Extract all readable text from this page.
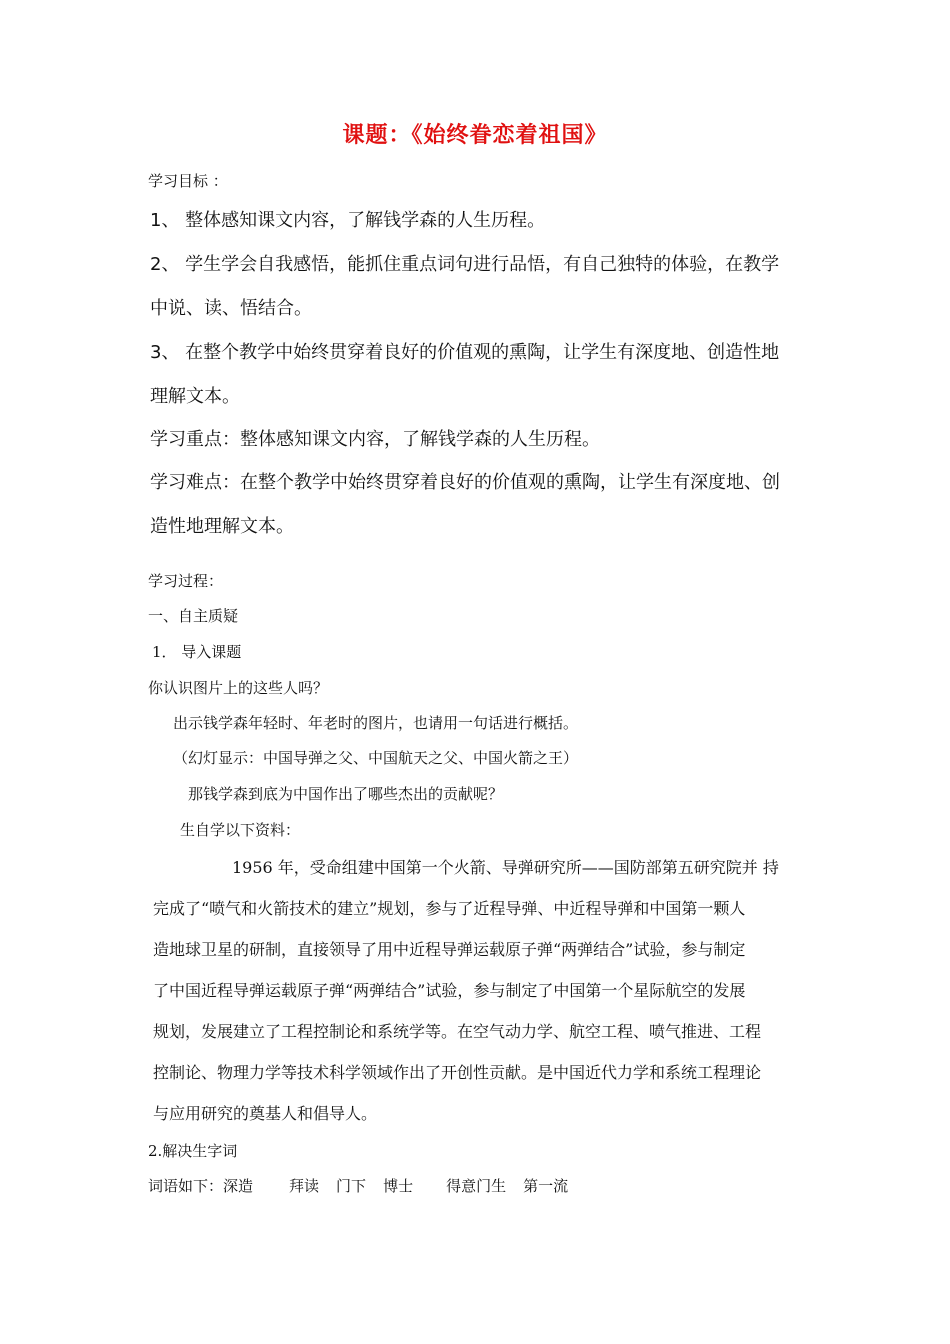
课题：《始终眷恋着祖国》
学习目标 ：
1、 整体感知课文内容，了解钱学森的人生历程。
2、 学生学会自我感悟，能抓住重点词句进行品悟，有自己独特的体验，在教学
中说、读、悟结合。
3、 在整个教学中始终贯穿着良好的价值观的熏陶，让学生有深度地、创造性地
理解文本。
学习重点：整体感知课文内容，了解钱学森的人生历程。
学习难点：在整个教学中始终贯穿着良好的价值观的熏陶，让学生有深度地、创
造性地理解文本。
学习过程：
一、自主质疑
1． 导入课题
你认识图片上的这些人吗？
出示钱学森年轻时、年老时的图片，也请用一句话进行概括。
（幻灯显示：中国导弹之父、中国航天之父、中国火箭之王）
那钱学森到底为中国作出了哪些杰出的贡献呢？
生自学以下资料：
1956 年，受命组建中国第一个火箭、导弹研究所——国防部第五研究院并 持
完成了“喷气和火箭技术的建立”规划，参与了近程导弹、中近程导弹和中国第一颗人
造地球卫星的研制，直接领导了用中近程导弹运载原子弹“两弹结合”试验，参与制定
了中国近程导弹运载原子弹“两弹结合”试验，参与制定了中国第一个星际航空的发展
规划，发展建立了工程控制论和系统学等。在空气动力学、航空工程、喷气推进、工程
控制论、物理力学等技术科学领域作出了开创性贡献。是中国近代力学和系统工程理论
与应用研究的奠基人和倡导人。
2.解决生字词
词语如下：深造 拜读 门下 博士 得意门生 第一流
